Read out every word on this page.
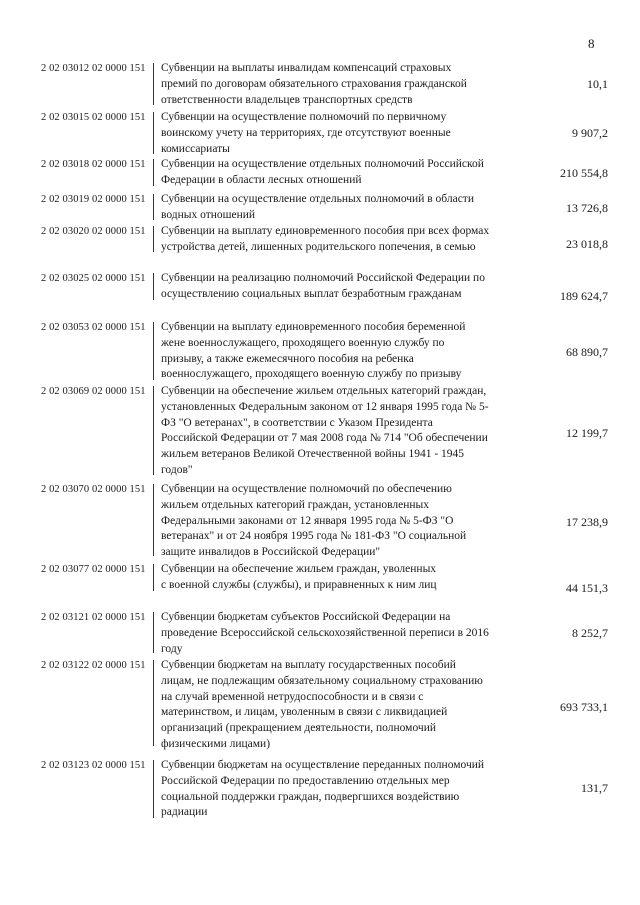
8
2 02 03012 02 0000 151	Субвенции на выплаты инвалидам компенсаций страховых
премий по договорам обязательного страхования гражданской
ответственности владельцев транспортных средств
10,1
2 02 03015 02 0000 151	Субвенции на осуществление полномочий по первичному
воинскому учету на территориях, где отсутствуют военные
комиссариаты
9 907,2
2 02 03018 02 0000 151	Субвенции на осуществление отдельных полномочий Российской
Федерации в области лесных отношений	210 554,8
2 02 03019 02 0000 151	Субвенции на осуществление отдельных полномочий в области
водных отношений	13 726,8
2 02 03020 02 0000 151	Субвенции на выплату единовременного пособия при всех формах
устройства детей, лишенных родительского попечения, в семью	23 018,8
2 02 03025 02 0000 151	Субвенции на реализацию полномочий Российской Федерации по
осуществлению социальных выплат безработным гражданам	189 624,7
2 02 03053 02 0000 151	Субвенции на выплату единовременного пособия беременной
жене военнослужащего, проходящего военную службу по
призыву, а также ежемесячного пособия на ребенка
военнослужащего, проходящего военную службу по призыву
68 890,7
2 02 03069 02 0000 151	Субвенции на обеспечение жильем отдельных категорий граждан,
установленных Федеральным законом от 12 января 1995 года № 5-
ФЗ "О ветеранах", в соответствии с Указом Президента
Российской Федерации от 7 мая 2008 года № 714 "Об обеспечении
жильем ветеранов Великой Отечественной войны 1941 - 1945
годов"
12 199,7
2 02 03070 02 0000 151	Субвенции на осуществление полномочий по обеспечению
жильем отдельных категорий граждан, установленных
Федеральными законами от 12 января 1995 года № 5-ФЗ "О
ветеранах" и от 24 ноября 1995 года № 181-ФЗ "О социальной
защите инвалидов в Российской Федерации"
17 238,9
2 02 03077 02 0000 151	Субвенции на обеспечение жильем граждан, уволенных
с военной службы (службы), и приравненных к ним лиц	44 151,3
2 02 03121 02 0000 151	Субвенции бюджетам субъектов Российской Федерации на
проведение Всероссийской сельскохозяйственной переписи в 2016
году
8 252,7
2 02 03122 02 0000 151	Субвенции бюджетам на выплату государственных пособий
лицам, не подлежащим обязательному социальному страхованию
на случай временной нетрудоспособности и в связи с
материнством, и лицам, уволенным в связи с ликвидацией
организаций (прекращением деятельности, полномочий
физическими лицами)
693 733,1
2 02 03123 02 0000 151	Субвенции бюджетам на осуществление переданных полномочий
Российской Федерации по предоставлению отдельных мер
социальной поддержки граждан, подвергшихся воздействию
радиации
131,7
